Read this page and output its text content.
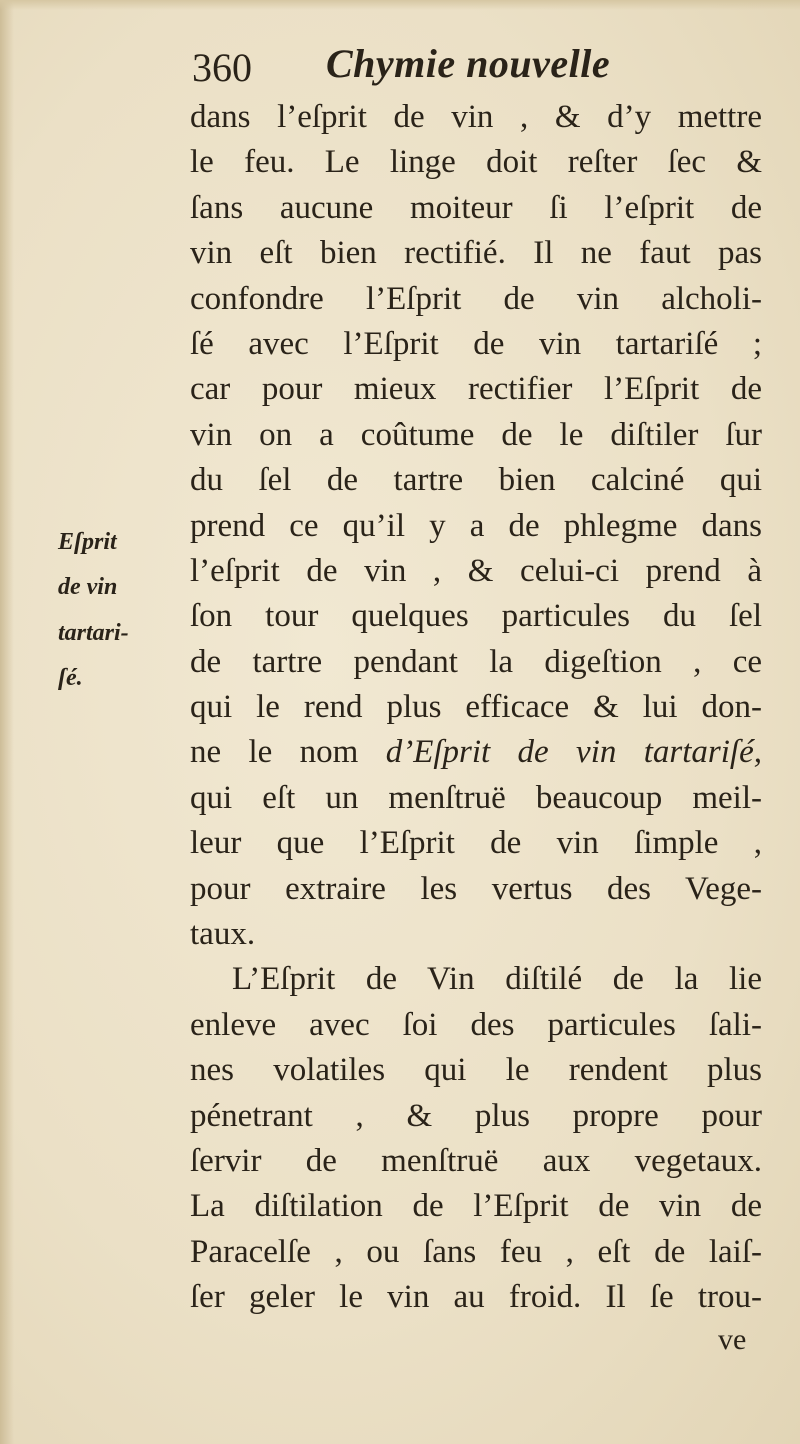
360 Chymie nouvelle
Eſprit
de vin
tartari-
ſé.
dans l’eſprit de vin , & d’y mettre
le feu. Le linge doit reſter ſec &
ſans aucune moiteur ſi l’eſprit de
vin eſt bien rectifié. Il ne faut pas
confondre l’Eſprit de vin alcholi-
ſé avec l’Eſprit de vin tartariſé ;
car pour mieux rectifier l’Eſprit de
vin on a coûtume de le diſtiler ſur
du ſel de tartre bien calciné qui
prend ce qu’il y a de phlegme dans
l’eſprit de vin , & celui-ci prend à
ſon tour quelques particules du ſel
de tartre pendant la digeſtion , ce
qui le rend plus efficace & lui don-
ne le nom d’Eſprit de vin tartariſé,
qui eſt un menſtruë beaucoup meil-
leur que l’Eſprit de vin ſimple ,
pour extraire les vertus des Vege-
taux.
L’Eſprit de Vin diſtilé de la lie
enleve avec ſoi des particules ſali-
nes volatiles qui le rendent plus
pénetrant , & plus propre pour
ſervir de menſtruë aux vegetaux.
La diſtilation de l’Eſprit de vin de
Paracelſe , ou ſans feu , eſt de laiſ-
ſer geler le vin au froid. Il ſe trou-
ve
